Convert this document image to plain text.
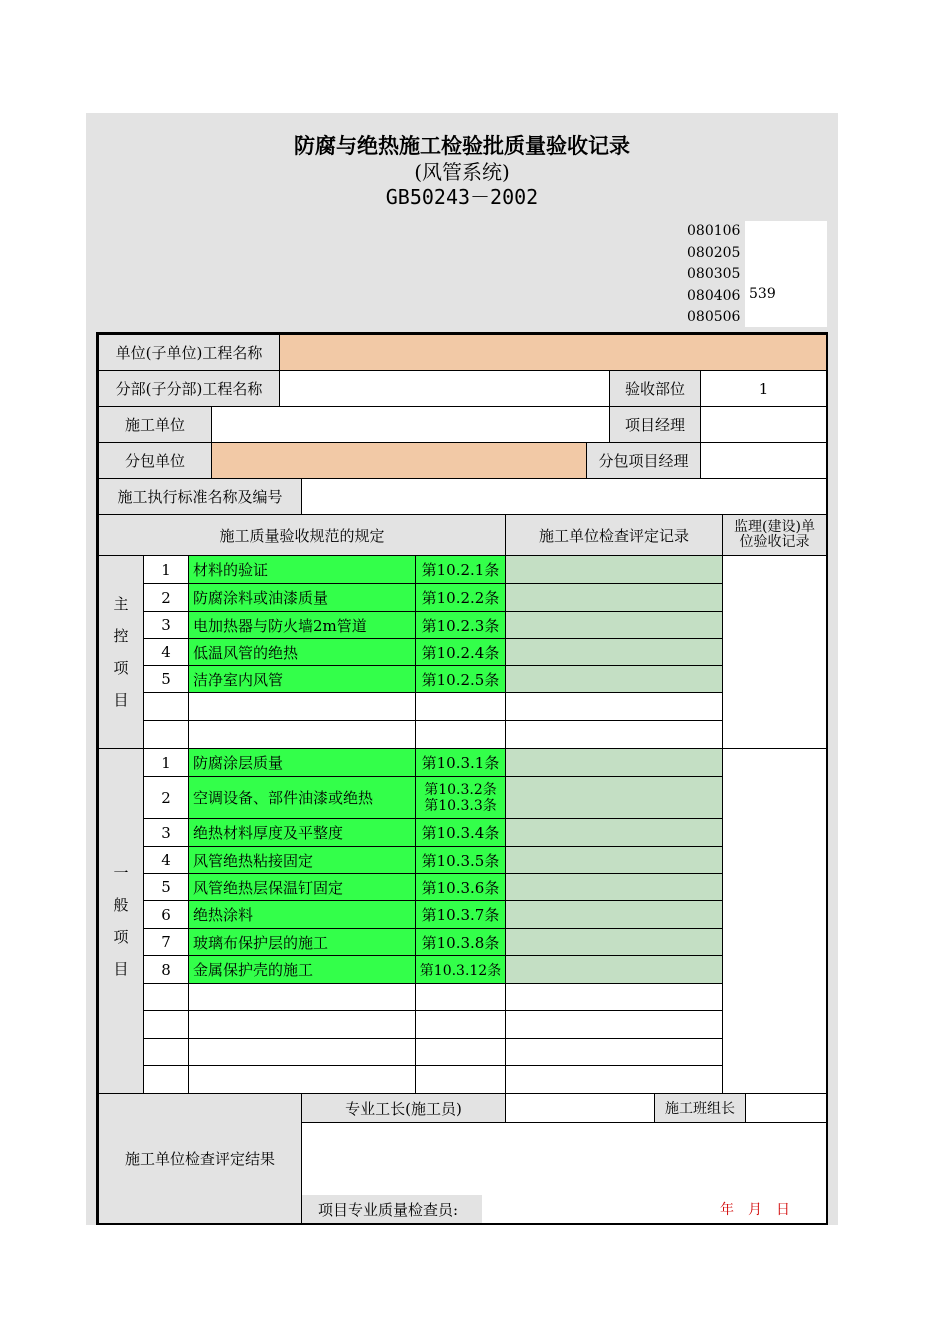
防腐与绝热施工检验批质量验收记录
(风管系统)
GB50243－2002
080106
080205
080305
080406
080506
539
单位(子单位)工程名称
分部(子分部)工程名称	验收部位	1
施工单位	项目经理
分包单位	分包项目经理
施工执行标准名称及编号
施工质量验收规范的规定	施工单位检查评定记录	监理(建设)单位验收记录
主
控
项
目
1	材料的验证	第10.2.1条
2	防腐涂料或油漆质量	第10.2.2条
3	电加热器与防火墙2m管道	第10.2.3条
4	低温风管的绝热	第10.2.4条
5	洁净室内风管	第10.2.5条
一
般
项
目
1	防腐涂层质量	第10.3.1条
2	空调设备、部件油漆或绝热	第10.3.2条
第10.3.3条
3	绝热材料厚度及平整度	第10.3.4条
4	风管绝热粘接固定	第10.3.5条
5	风管绝热层保温钉固定	第10.3.6条
6	绝热涂料	第10.3.7条
7	玻璃布保护层的施工	第10.3.8条
8	金属保护壳的施工	第10.3.12条
施工单位检查评定结果
专业工长(施工员)	施工班组长
项目专业质量检查员:	年　月　日
